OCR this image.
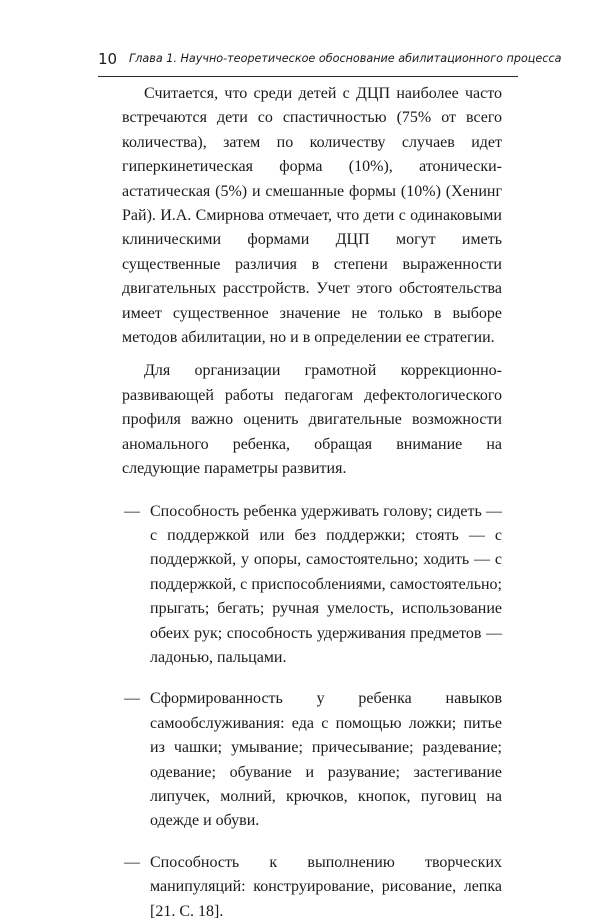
10 Глава 1. Научно-теоретическое обоснование абилитационного процесса

Считается, что среди детей с ДЦП наиболее часто встречаются дети со спастичностью (75% от всего количества), затем по количеству случаев идет гиперкинетическая форма (10%), атонически-астатическая (5%) и смешанные формы (10%) (Хенинг Рай). И.А. Смирнова отмечает, что дети с одинаковыми клиническими формами ДЦП могут иметь существенные различия в степени выраженности двигательных расстройств. Учет этого обстоятельства имеет существенное значение не только в выборе методов абилитации, но и в определении ее стратегии.

Для организации грамотной коррекционно-развивающей работы педагогам дефектологического профиля важно оценить двигательные возможности аномального ребенка, обращая внимание на следующие параметры развития.

— Способность ребенка удерживать голову; сидеть — с поддержкой или без поддержки; стоять — с поддержкой, у опоры, самостоятельно; ходить — с поддержкой, с приспособлениями, самостоятельно; прыгать; бегать; ручная умелость, использование обеих рук; способность удерживания предметов — ладонью, пальцами.
— Сформированность у ребенка навыков самообслуживания: еда с помощью ложки; питье из чашки; умывание; причесывание; раздевание; одевание; обувание и разувание; застегивание липучек, молний, крючков, кнопок, пуговиц на одежде и обуви.
— Способность к выполнению творческих манипуляций: конструирование, рисование, лепка [21. С. 18].
